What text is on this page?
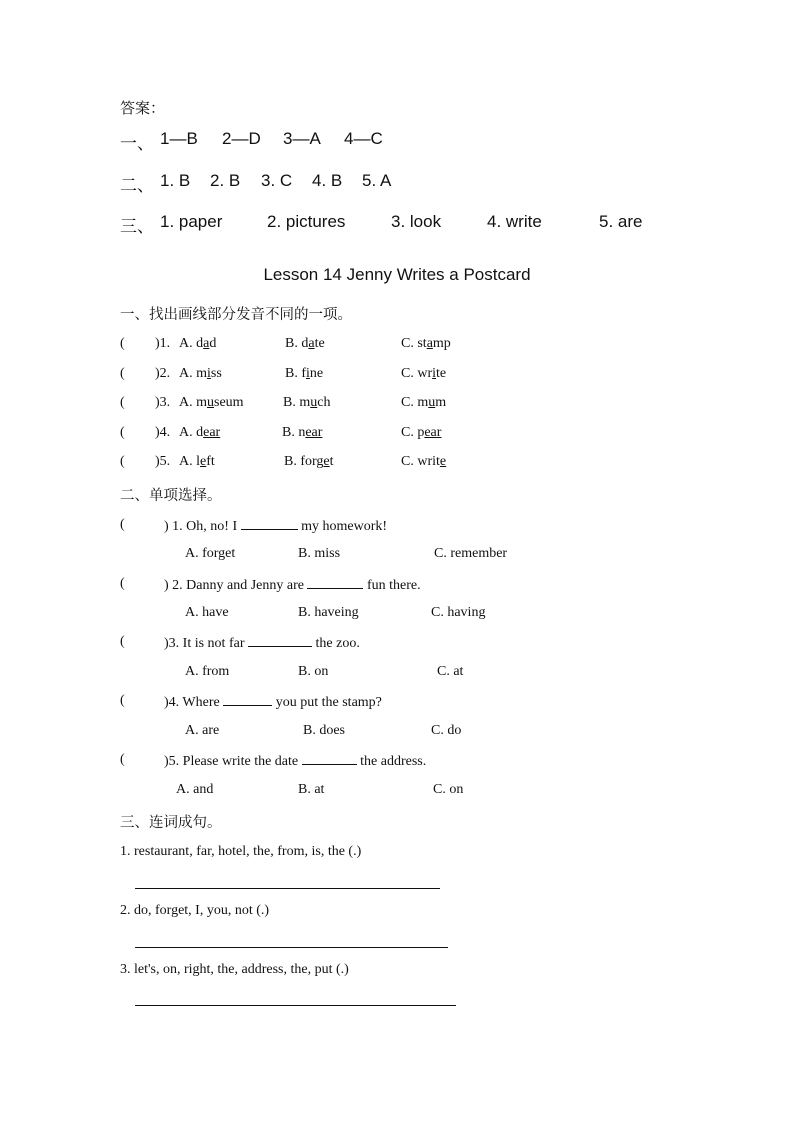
答案：
一、 1—B 2—D 3—A 4—C
二、 1. B 2. B 3. C 4. B 5. A
三、 1. paper	2. pictures	3. look	4. write	5. are
Lesson 14 Jenny Writes a Postcard
一、找出画线部分发音不同的一项。
( )1. A. dad	B. date	C. stamp
( )2. A. miss	B. fine	C. write
( )3. A. museum	B. much	C. mum
( )4. A. dear	B. near	C. pear
( )5. A. left	B. forget	C. write
二、单项选择。
(	) 1. Oh, no! I	my homework!
A. forget	B. miss	C. remember
(	) 2. Danny and Jenny are	fun there.
A. have	B. haveing	C. having
(	)3. It is not far	the zoo.
A. from	B. on	C. at
(	)4. Where	you put the stamp?
A. are	B. does	C. do
(	)5. Please write the date	the address.
A. and	B. at	C. on
三、连词成句。
1. restaurant, far, hotel, the, from, is, the (.)
2. do, forget, I, you, not (.)
3. let's, on, right, the, address, the, put (.)
